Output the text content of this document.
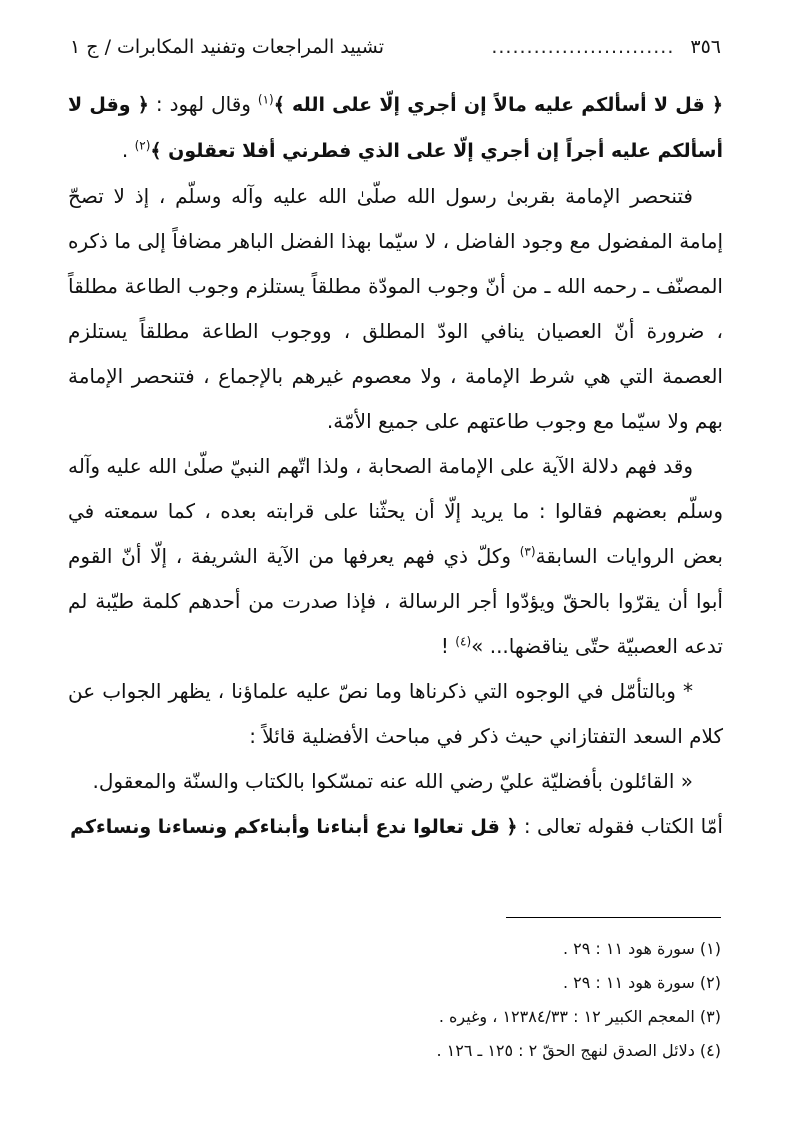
٣٥٦
..........................
تشييد المراجعات وتفنيد المكابرات / ج ١

﴿ قل لا أسألكم عليه مالاً إن أجري إلّا على الله ﴾$^{(١)}$ وقال لهود : ﴿ وقل لا أسألكم عليه أجراً إن أجري إلّا على الذي فطرني أفلا تعقلون ﴾$^{(٢)}$ .

فتنحصر الإمامة بقربىٰ رسول الله صلّىٰ الله عليه وآله وسلّم ، إذ لا تصحّ إمامة المفضول مع وجود الفاضل ، لا سيّما بهذا الفضل الباهر مضافاً إلى ما ذكره المصنّف ـ رحمه الله ـ من أنّ وجوب المودّة مطلقاً يستلزم وجوب الطاعة مطلقاً ، ضرورة أنّ العصيان ينافي الودّ المطلق ، ووجوب الطاعة مطلقاً يستلزم العصمة التي هي شرط الإمامة ، ولا معصوم غيرهم بالإجماع ، فتنحصر الإمامة بهم ولا سيّما مع وجوب طاعتهم على جميع الأمّة.

وقد فهم دلالة الآية على الإمامة الصحابة ، ولذا اتّهم النبيّ صلّىٰ الله عليه وآله وسلّم بعضهم فقالوا : ما يريد إلّا أن يحثّنا على قرابته بعده ، كما سمعته في بعض الروايات السابقة$^{(٣)}$ وكلّ ذي فهم يعرفها من الآية الشريفة ، إلّا أنّ القوم أبوا أن يقرّوا بالحقّ ويؤدّوا أجر الرسالة ، فإذا صدرت من أحدهم كلمة طيّبة لم تدعه العصبيّة حتّى يناقضها... »$^{(٤)}$ !

* وبالتأمّل في الوجوه التي ذكرناها وما نصّ عليه علماؤنا ، يظهر الجواب عن كلام السعد التفتازاني حيث ذكر في مباحث الأفضلية قائلاً :

« القائلون بأفضليّة عليّ رضي الله عنه تمسّكوا بالكتاب والسنّة والمعقول.

أمّا الكتاب فقوله تعالى : ﴿ قل تعالوا ندع أبناءنا وأبناءكم ونساءنا ونساءكم

(١) سورة هود ١١ : ٢٩ .
(٢) سورة هود ١١ : ٢٩ .
(٣) المعجم الكبير ١٢ : ١٢٣٨٤/٣٣ ، وغيره .
(٤) دلائل الصدق لنهج الحقّ ٢ : ١٢٥ ـ ١٢٦ .
